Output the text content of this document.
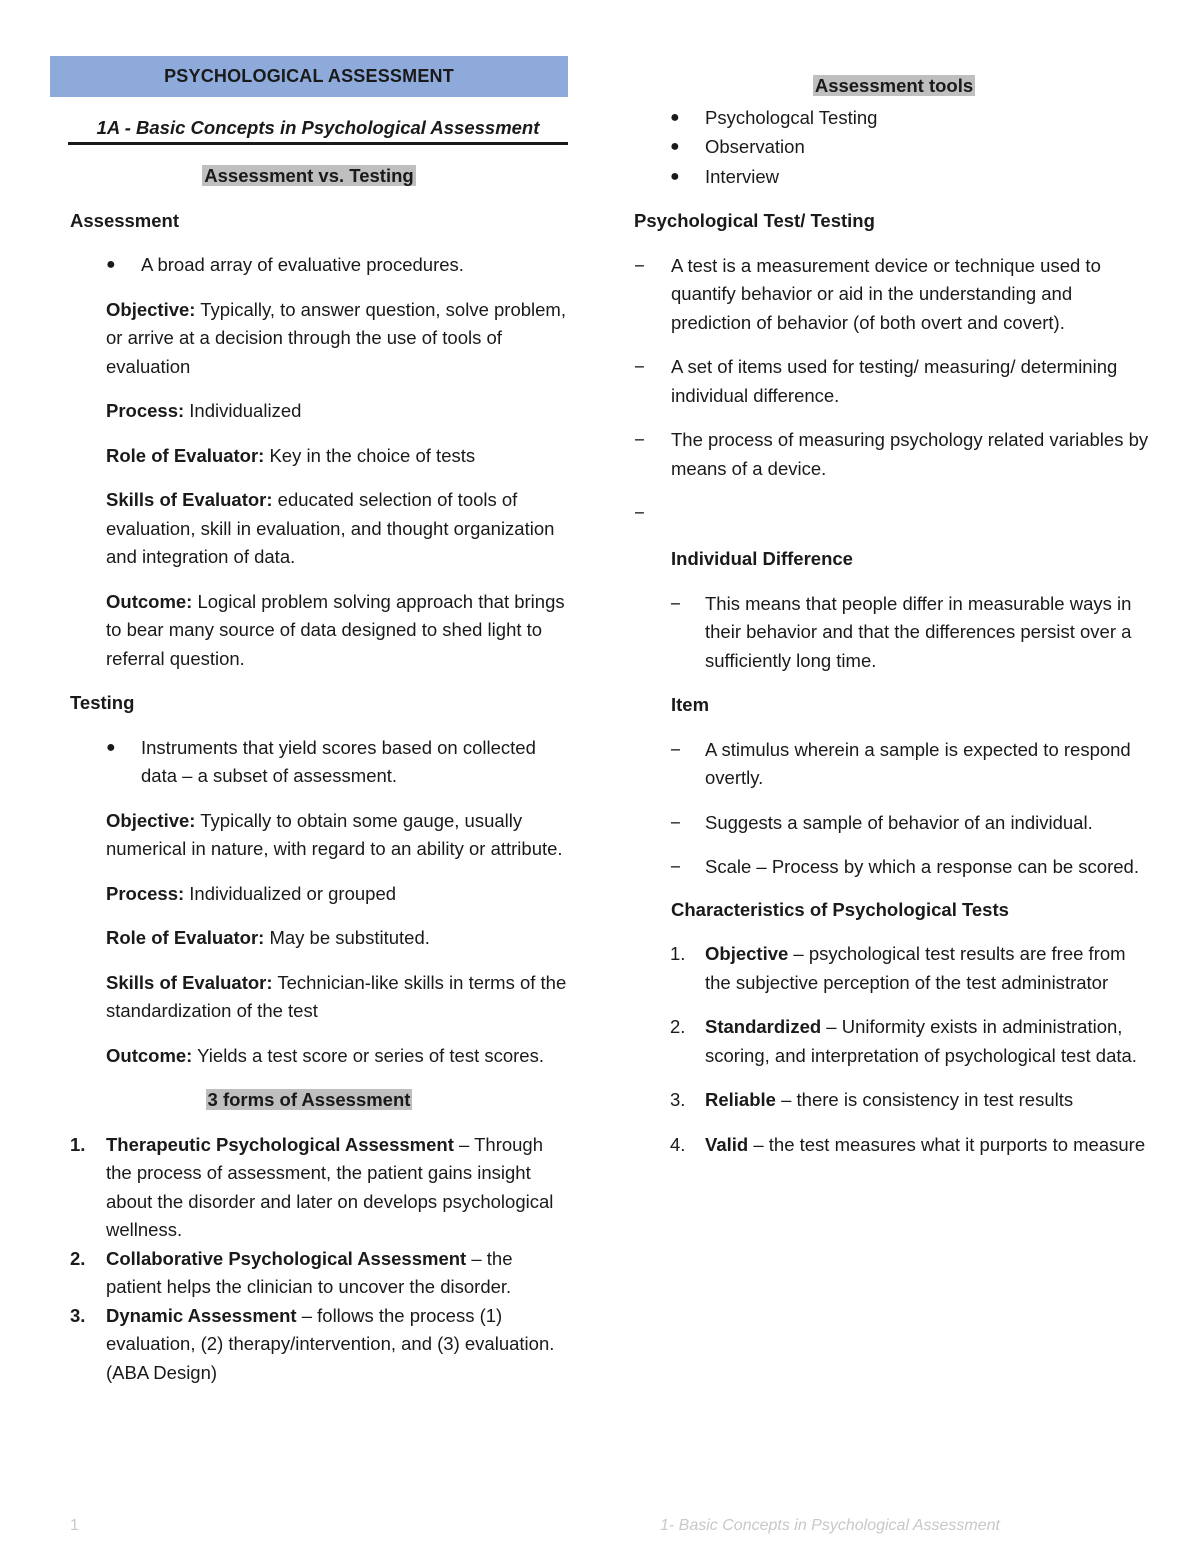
PSYCHOLOGICAL ASSESSMENT
1A - Basic Concepts in Psychological Assessment
Assessment vs. Testing
Assessment
● A broad array of evaluative procedures.

Objective: Typically, to answer question, solve problem, or arrive at a decision through the use of tools of evaluation

Process: Individualized

Role of Evaluator: Key in the choice of tests

Skills of Evaluator: educated selection of tools of evaluation, skill in evaluation, and thought organization and integration of data.

Outcome: Logical problem solving approach that brings to bear many source of data designed to shed light to referral question.

Testing
● Instruments that yield scores based on collected data – a subset of assessment.

Objective: Typically to obtain some gauge, usually numerical in nature, with regard to an ability or attribute.

Process: Individualized or grouped

Role of Evaluator: May be substituted.

Skills of Evaluator: Technician-like skills in terms of the standardization of the test

Outcome: Yields a test score or series of test scores.

3 forms of Assessment
1. Therapeutic Psychological Assessment – Through the process of assessment, the patient gains insight about the disorder and later on develops psychological wellness.
2. Collaborative Psychological Assessment – the patient helps the clinician to uncover the disorder.
3. Dynamic Assessment – follows the process (1) evaluation, (2) therapy/intervention, and (3) evaluation. (ABA Design)
Assessment tools
● Psychologcal Testing
● Observation
● Interview
Psychological Test/ Testing
− A test is a measurement device or technique used to quantify behavior or aid in the understanding and prediction of behavior (of both overt and covert).
− A set of items used for testing/ measuring/ determining individual difference.
− The process of measuring psychology related variables by means of a device.
−
Individual Difference
− This means that people differ in measurable ways in their behavior and that the differences persist over a sufficiently long time.
Item
− A stimulus wherein a sample is expected to respond overtly.
− Suggests a sample of behavior of an individual.
− Scale – Process by which a response can be scored.
Characteristics of Psychological Tests
1. Objective – psychological test results are free from the subjective perception of the test administrator
2. Standardized – Uniformity exists in administration, scoring, and interpretation of psychological test data.
3. Reliable – there is consistency in test results
4. Valid – the test measures what it purports to measure
1	1- Basic Concepts in Psychological Assessment
